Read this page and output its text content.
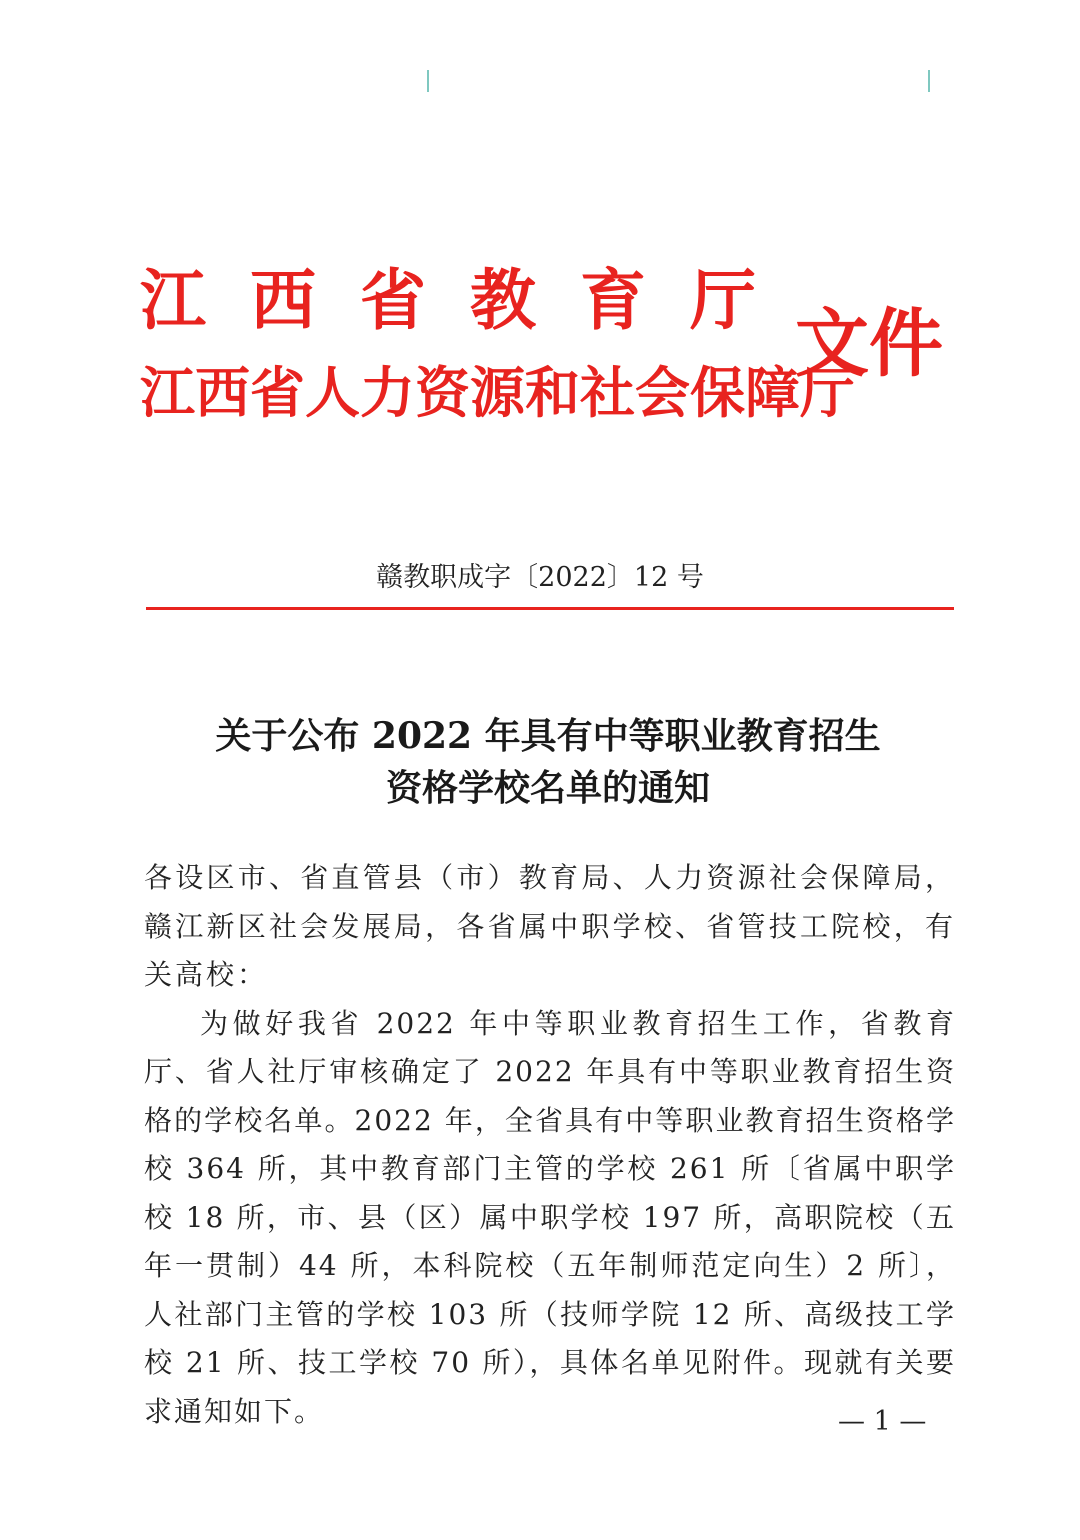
江西省教育厅
江西省人力资源和社会保障厅
文件
赣教职成字〔2022〕12 号
关于公布 2022 年具有中等职业教育招生
资格学校名单的通知

各设区市、省直管县（市）教育局、人力资源社会保障局，赣江新区社会发展局，各省属中职学校、省管技工院校，有关高校：

为做好我省 2022 年中等职业教育招生工作，省教育厅、省人社厅审核确定了 2022 年具有中等职业教育招生资格的学校名单。2022 年，全省具有中等职业教育招生资格学校 364 所，其中教育部门主管的学校 261 所〔省属中职学校 18 所，市、县（区）属中职学校 197 所，高职院校（五年一贯制）44 所，本科院校（五年制师范定向生）2 所〕，人社部门主管的学校 103 所（技师学院 12 所、高级技工学校 21 所、技工学校 70 所），具体名单见附件。现就有关要求通知如下。	— 1 —
